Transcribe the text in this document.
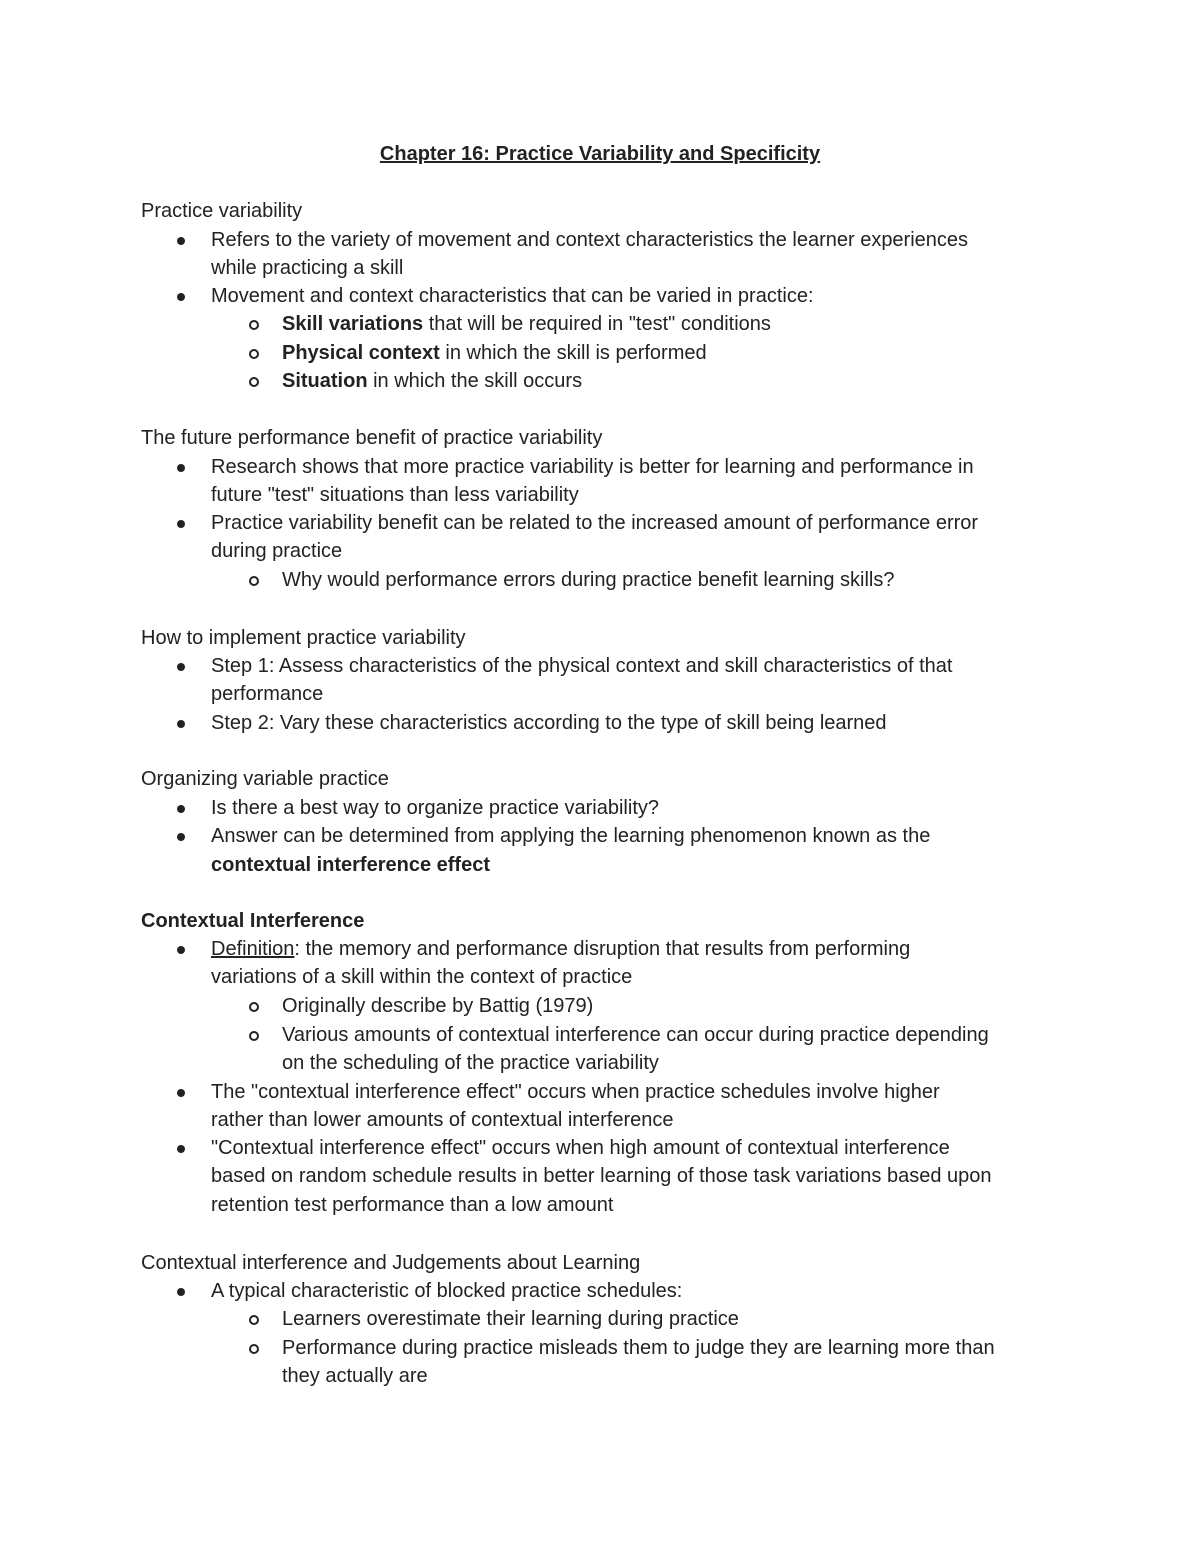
Chapter 16: Practice Variability and Specificity
Practice variability
Refers to the variety of movement and context characteristics the learner experiences
while practicing a skill
Movement and context characteristics that can be varied in practice:
Skill variations that will be required in "test" conditions
Physical context in which the skill is performed
Situation in which the skill occurs
The future performance benefit of practice variability
Research shows that more practice variability is better for learning and performance in
future "test" situations than less variability
Practice variability benefit can be related to the increased amount of performance error
during practice
Why would performance errors during practice benefit learning skills?
How to implement practice variability
Step 1: Assess characteristics of the physical context and skill characteristics of that
performance
Step 2: Vary these characteristics according to the type of skill being learned
Organizing variable practice
Is there a best way to organize practice variability?
Answer can be determined from applying the learning phenomenon known as the
contextual interference effect
Contextual Interference
Definition: the memory and performance disruption that results from performing
variations of a skill within the context of practice
Originally describe by Battig (1979)
Various amounts of contextual interference can occur during practice depending
on the scheduling of the practice variability
The "contextual interference effect" occurs when practice schedules involve higher
rather than lower amounts of contextual interference
"Contextual interference effect" occurs when high amount of contextual interference
based on random schedule results in better learning of those task variations based upon
retention test performance than a low amount
Contextual interference and Judgements about Learning
A typical characteristic of blocked practice schedules:
Learners overestimate their learning during practice
Performance during practice misleads them to judge they are learning more than
they actually are
